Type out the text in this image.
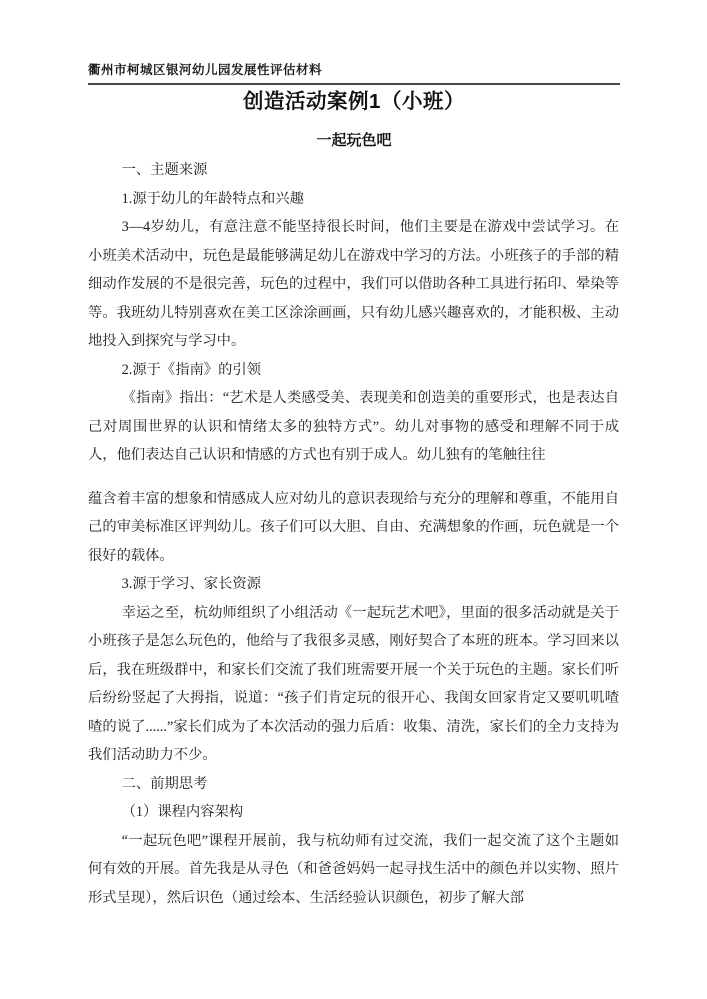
衢州市柯城区银河幼儿园发展性评估材料
创造活动案例1（小班）
一起玩色吧
一、主题来源
1.源于幼儿的年龄特点和兴趣

3—4岁幼儿，有意注意不能坚持很长时间，他们主要是在游戏中尝试学习。在小班美术活动中，玩色是最能够满足幼儿在游戏中学习的方法。小班孩子的手部的精细动作发展的不是很完善，玩色的过程中，我们可以借助各种工具进行拓印、晕染等等。我班幼儿特别喜欢在美工区涂涂画画，只有幼儿感兴趣喜欢的，才能积极、主动地投入到探究与学习中。

2.源于《指南》的引领

《指南》指出：“艺术是人类感受美、表现美和创造美的重要形式，也是表达自己对周围世界的认识和情绪太多的独特方式”。幼儿对事物的感受和理解不同于成人，他们表达自己认识和情感的方式也有别于成人。幼儿独有的笔触往往

蕴含着丰富的想象和情感成人应对幼儿的意识表现给与充分的理解和尊重，不能用自己的审美标准区评判幼儿。孩子们可以大胆、自由、充满想象的作画，玩色就是一个很好的载体。

3.源于学习、家长资源

幸运之至，杭幼师组织了小组活动《一起玩艺术吧》，里面的很多活动就是关于小班孩子是怎么玩色的，他给与了我很多灵感，刚好契合了本班的班本。学习回来以后，我在班级群中，和家长们交流了我们班需要开展一个关于玩色的主题。家长们听后纷纷竖起了大拇指，说道：“孩子们肯定玩的很开心、我闺女回家肯定又要叽叽喳喳的说了......”家长们成为了本次活动的强力后盾：收集、清洗，家长们的全力支持为我们活动助力不少。

二、前期思考
（1）课程内容架构

“一起玩色吧”课程开展前，我与杭幼师有过交流，我们一起交流了这个主题如何有效的开展。首先我是从寻色（和爸爸妈妈一起寻找生活中的颜色并以实物、照片形式呈现），然后识色（通过绘本、生活经验认识颜色，初步了解大部
